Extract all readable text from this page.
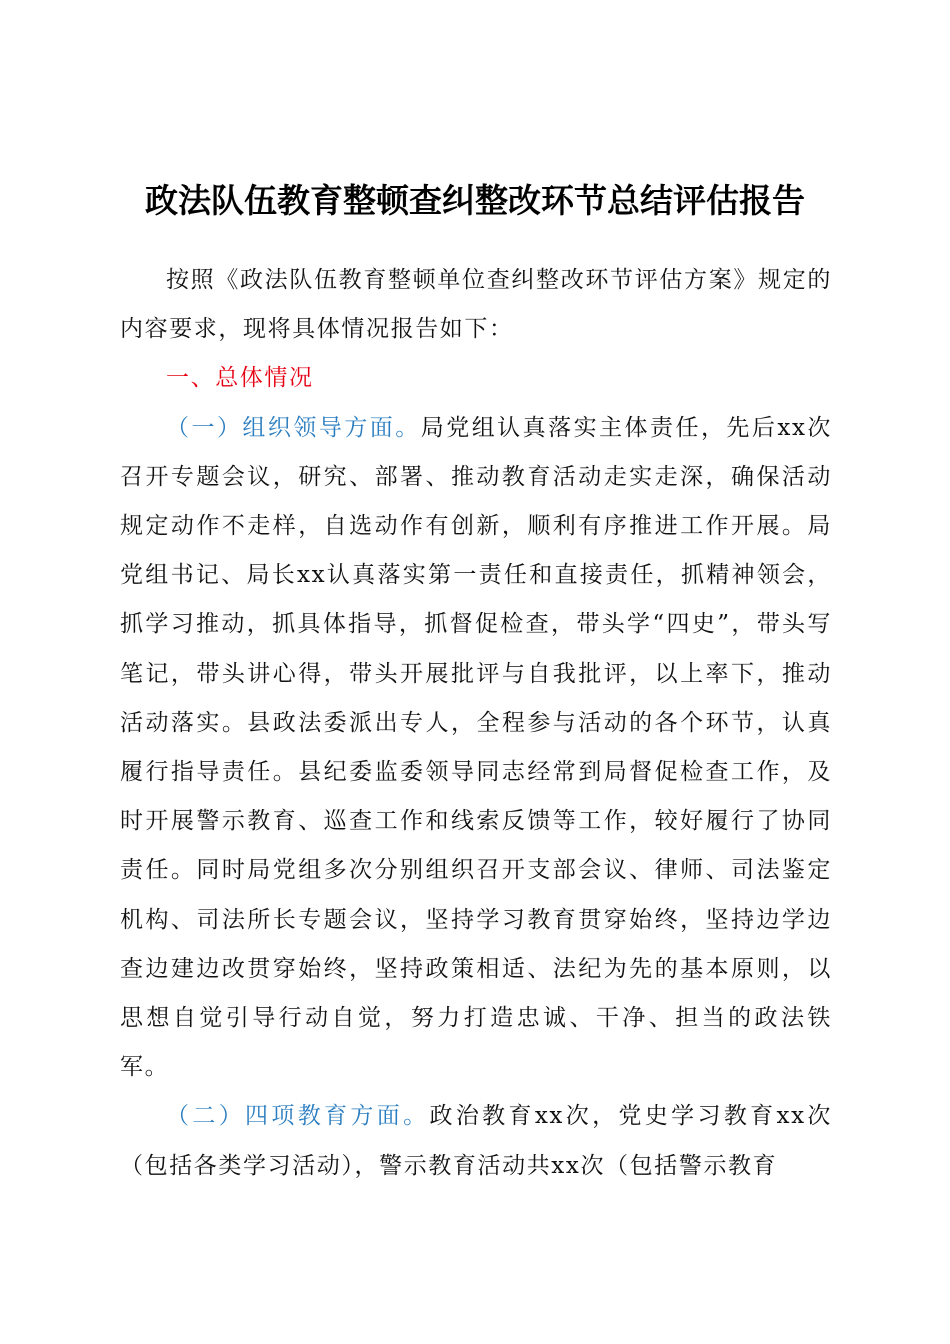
政法队伍教育整顿查纠整改环节总结评估报告

按照《政法队伍教育整顿单位查纠整改环节评估方案》规定的内容要求，现将具体情况报告如下：

一、总体情况

（一）组织领导方面。局党组认真落实主体责任，先后xx次召开专题会议，研究、部署、推动教育活动走实走深，确保活动规定动作不走样，自选动作有创新，顺利有序推进工作开展。局党组书记、局长xx认真落实第一责任和直接责任，抓精神领会，抓学习推动，抓具体指导，抓督促检查，带头学“四史”，带头写笔记，带头讲心得，带头开展批评与自我批评，以上率下，推动活动落实。县政法委派出专人，全程参与活动的各个环节，认真履行指导责任。县纪委监委领导同志经常到局督促检查工作，及时开展警示教育、巡查工作和线索反馈等工作，较好履行了协同责任。同时局党组多次分别组织召开支部会议、律师、司法鉴定机构、司法所长专题会议，坚持学习教育贯穿始终，坚持边学边查边建边改贯穿始终，坚持政策相适、法纪为先的基本原则，以思想自觉引导行动自觉，努力打造忠诚、干净、担当的政法铁军。

（二）四项教育方面。政治教育xx次，党史学习教育xx次（包括各类学习活动），警示教育活动共xx次（包括警示教育
